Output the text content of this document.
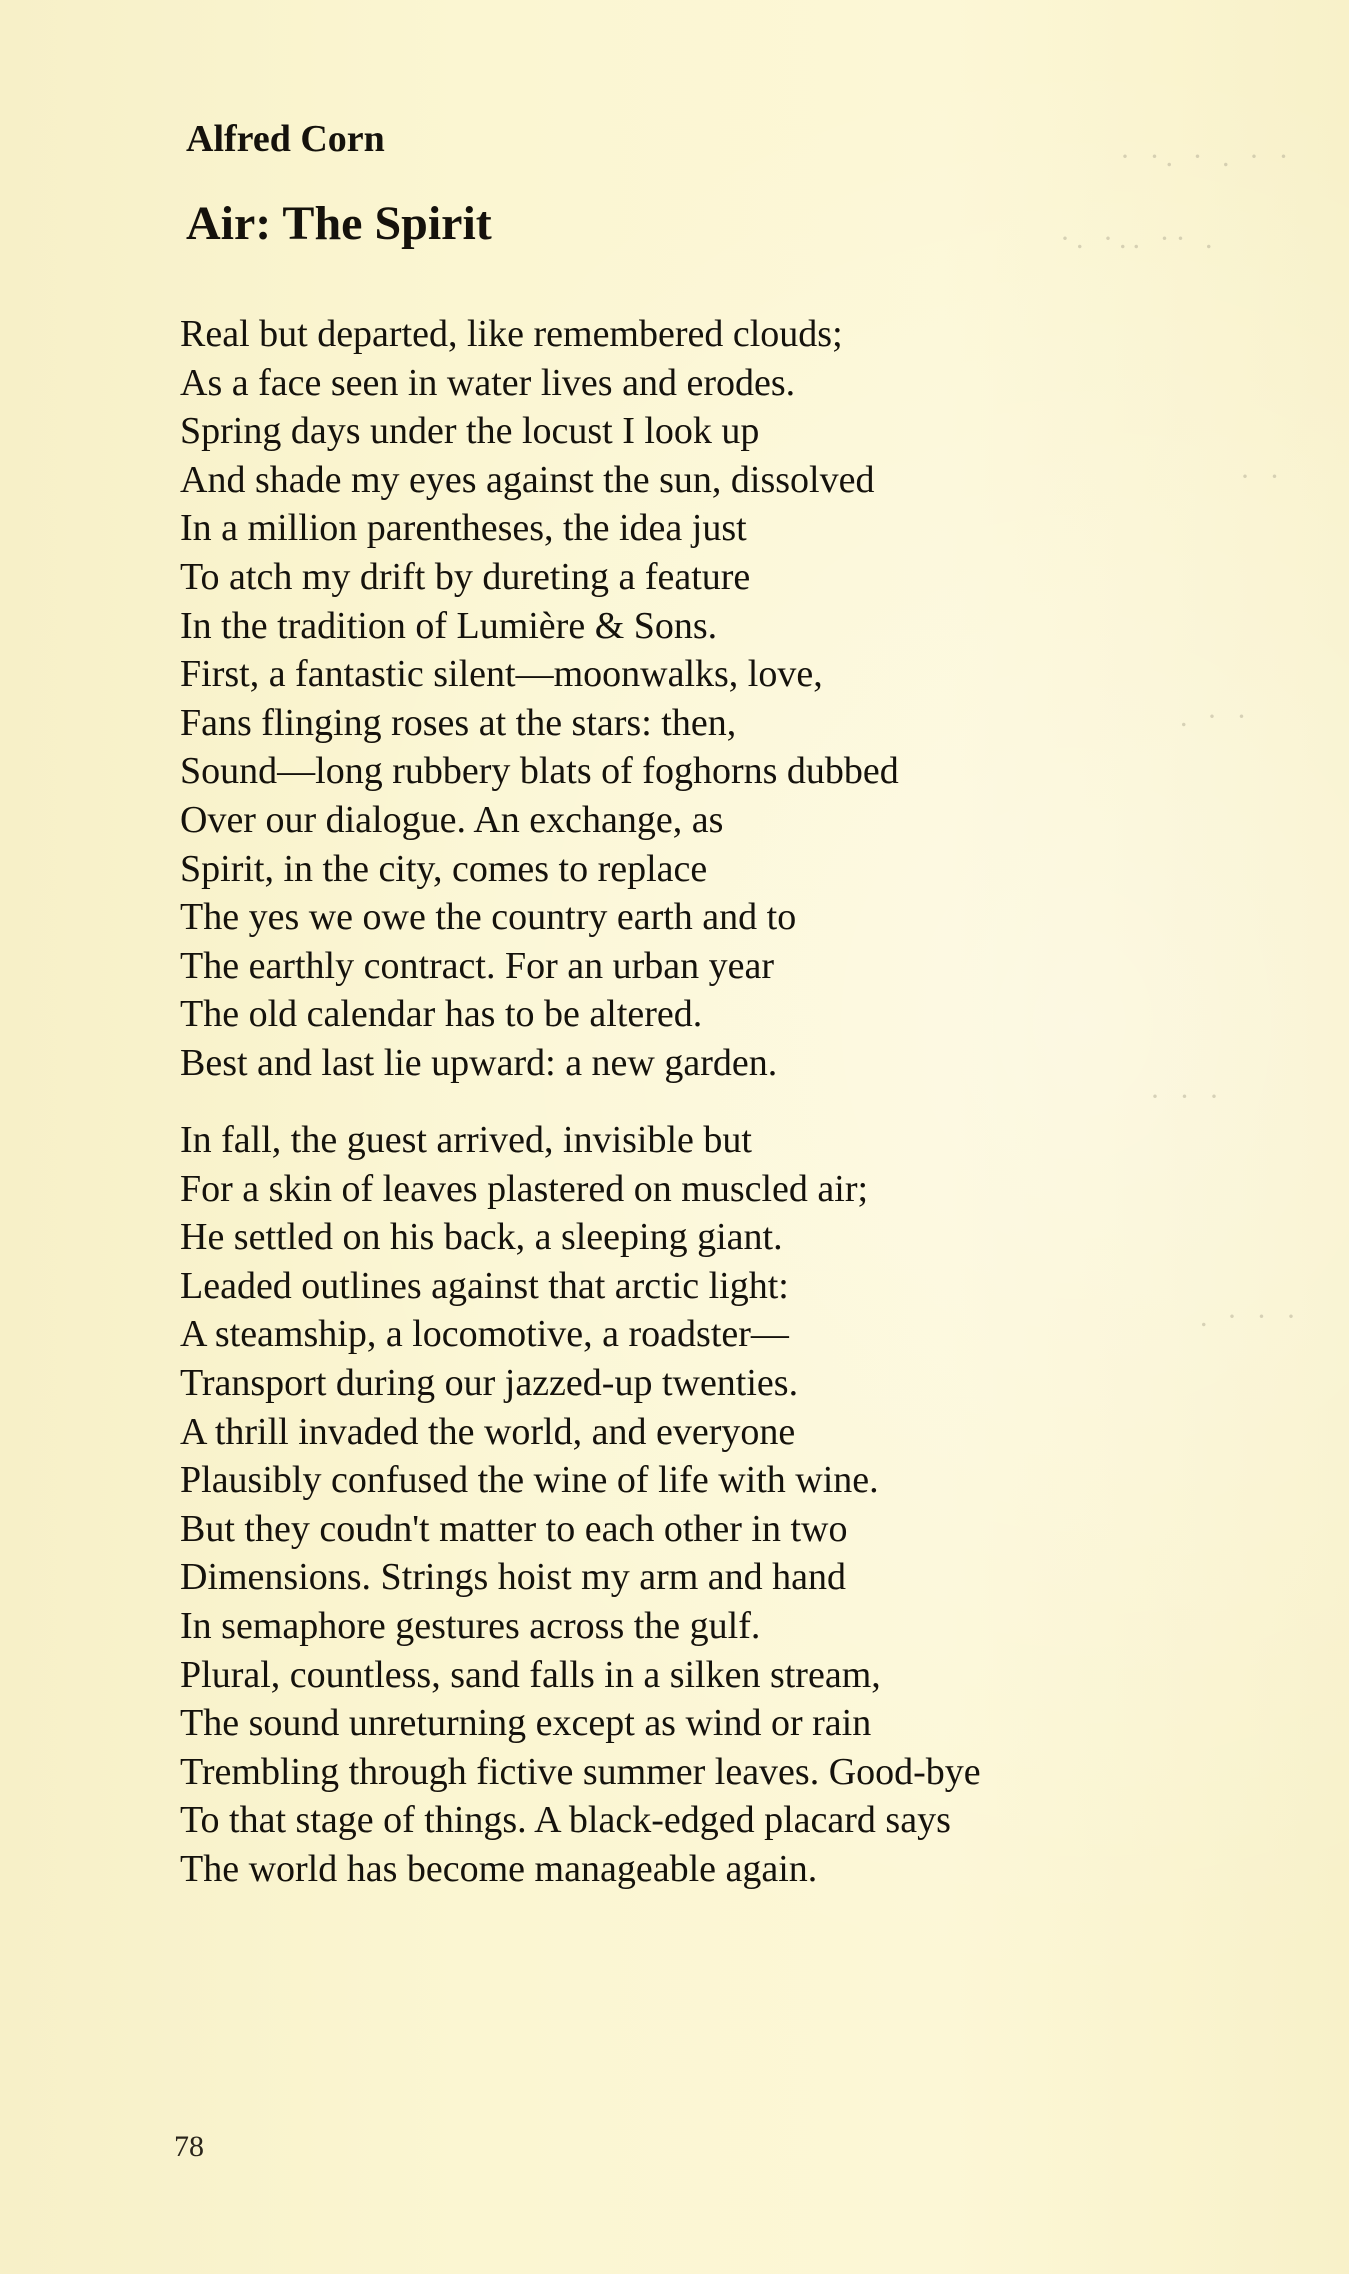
· ·. · . · ·
·. ·.. ·· .
· ·
. · ·
· · ·
. · · ·
Alfred Corn
Air: The Spirit
Real but departed, like remembered clouds;
As a face seen in water lives and erodes.
Spring days under the locust I look up
And shade my eyes against the sun, dissolved
In a million parentheses, the idea just
To atch my drift by dureting a feature
In the tradition of Lumière & Sons.
First, a fantastic silent—moonwalks, love,
Fans flinging roses at the stars: then,
Sound—long rubbery blats of foghorns dubbed
Over our dialogue. An exchange, as
Spirit, in the city, comes to replace
The yes we owe the country earth and to
The earthly contract. For an urban year
The old calendar has to be altered.
Best and last lie upward: a new garden.
In fall, the guest arrived, invisible but
For a skin of leaves plastered on muscled air;
He settled on his back, a sleeping giant.
Leaded outlines against that arctic light:
A steamship, a locomotive, a roadster—
Transport during our jazzed-up twenties.
A thrill invaded the world, and everyone
Plausibly confused the wine of life with wine.
But they coudn't matter to each other in two
Dimensions. Strings hoist my arm and hand
In semaphore gestures across the gulf.
Plural, countless, sand falls in a silken stream,
The sound unreturning except as wind or rain
Trembling through fictive summer leaves. Good-bye
To that stage of things. A black-edged placard says
The world has become manageable again.
78
